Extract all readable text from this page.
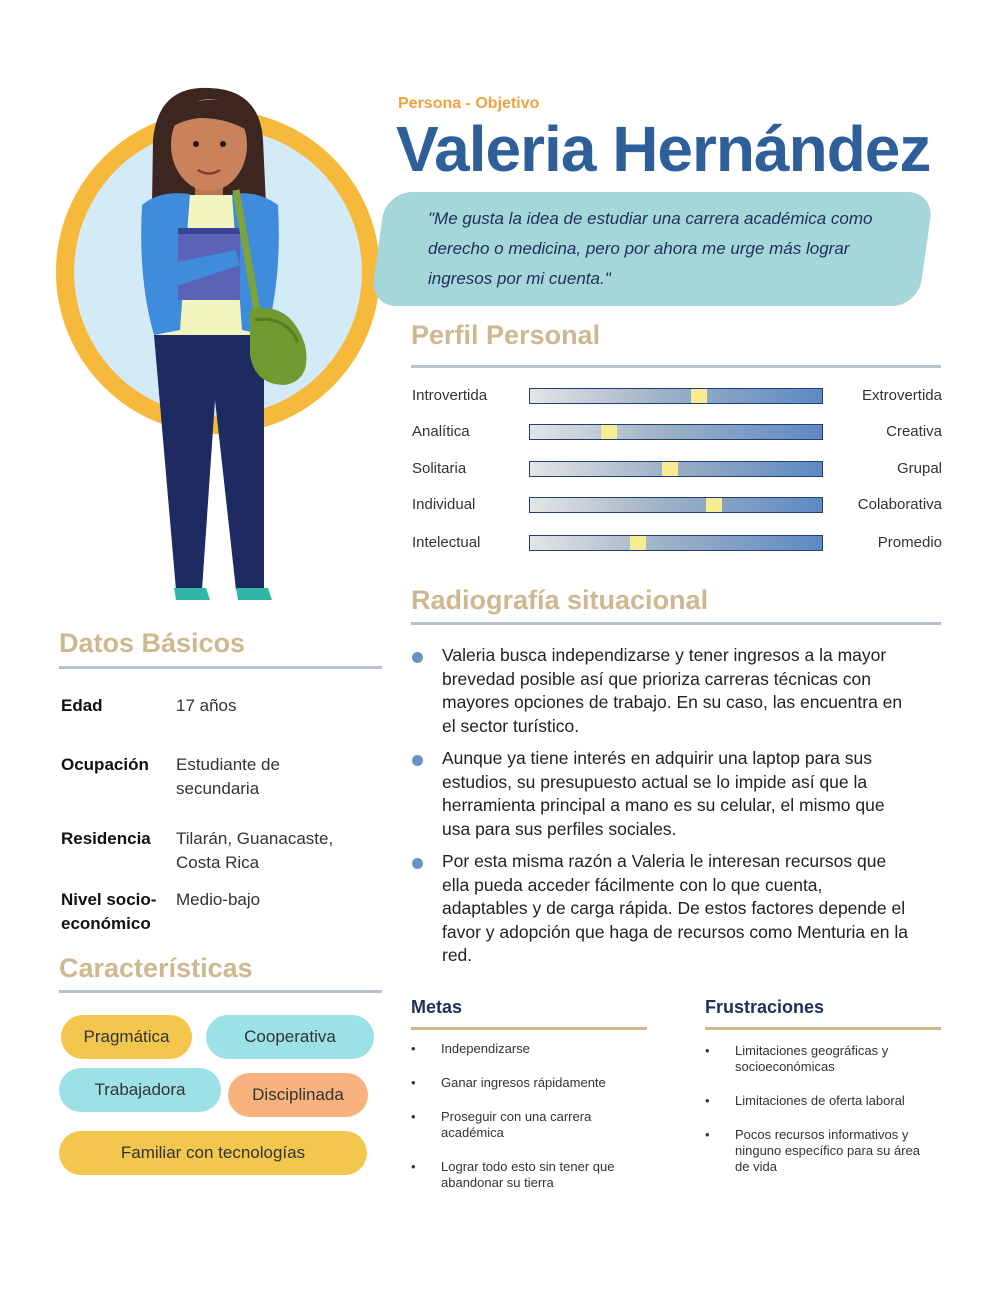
Persona - Objetivo
Valeria Hernández
"Me gusta la idea de estudiar una carrera académica como derecho o medicina, pero por ahora me urge más lograr ingresos por mi cuenta."
Perfil Personal
Introvertida	Extrovertida
Analítica	Creativa
Solitaria	Grupal
Individual	Colaborativa
Intelectual	Promedio
Radiografía situacional
Valeria busca independizarse y tener ingresos a la mayor brevedad posible así que prioriza carreras técnicas con mayores opciones de trabajo. En su caso, las encuentra en el sector turístico.
Aunque ya tiene interés en adquirir una laptop para sus estudios, su presupuesto actual se lo impide así que la herramienta principal a mano es su celular, el mismo que usa para sus perfiles sociales.
Por esta misma razón a Valeria le interesan recursos que ella pueda acceder fácilmente con lo que cuenta, adaptables y de carga rápida. De estos factores depende el favor y adopción que haga de recursos como Menturia en la red.
Metas
• Independizarse
• Ganar ingresos rápidamente
• Proseguir con una carrera académica
• Lograr todo esto sin tener que abandonar su tierra
Frustraciones
• Limitaciones geográficas y socioeconómicas
• Limitaciones de oferta laboral
• Pocos recursos informativos y ninguno específico para su área de vida
Datos Básicos
Edad	17 años
Ocupación Estudiante de secundaria
Residencia Tilarán, Guanacaste, Costa Rica
Nivel socio-económico
Medio-bajo
Características
Pragmática	Cooperativa
Trabajadora	Disciplinada
Familiar con tecnologías
